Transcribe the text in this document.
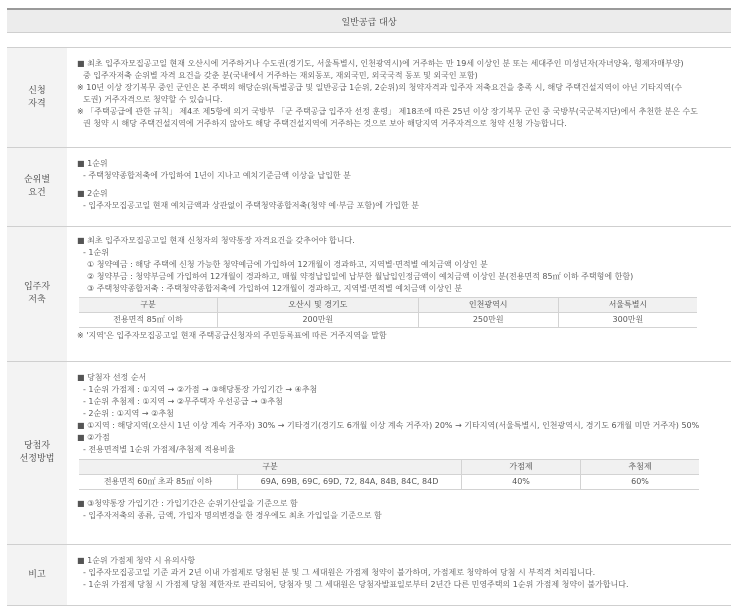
일반공급 대상
신청
자격
■ 최초 입주자모집공고일 현재 오산시에 거주하거나 수도권(경기도, 서울특별시, 인천광역시)에 거주하는 만 19세 이상인 분 또는 세대주인 미성년자(자녀양육, 형제자매부양)
중 입주자저축 순위별 자격 요건을 갖춘 분(국내에서 거주하는 재외동포, 재외국민, 외국국적 동포 및 외국인 포함)
※ 10년 이상 장기복무 중인 군인은 본 주택의 해당순위(특별공급 및 일반공급 1순위, 2순위)의 청약자격과 입주자 저축요건을 충족 시, 해당 주택건설지역이 아닌 기타지역(수
도권) 거주자격으로 청약할 수 있습니다.
※ 「주택공급에 관한 규칙」 제4조 제5항에 의거 국방부 「군 주택공급 입주자 선정 훈령」 제18조에 따른 25년 이상 장기복무 군인 중 국방부(국군복지단)에서 추천한 분은 수도
권 청약 시 해당 주택건설지역에 거주하지 않아도 해당 주택건설지역에 거주하는 것으로 보아 해당지역 거주자격으로 청약 신청 가능합니다.
순위별
요건
■ 1순위
- 주택청약종합저축에 가입하여 1년이 지나고 예치기준금액 이상을 납입한 분
■ 2순위
- 입주자모집공고일 현재 예치금액과 상관없이 주택청약종합저축(청약 예·부금 포함)에 가입한 분
입주자
저축
■ 최초 입주자모집공고일 현재 신청자의 청약통장 자격요건을 갖추어야 합니다.
- 1순위
① 청약예금 : 해당 주택에 신청 가능한 청약예금에 가입하여 12개월이 경과하고, 지역별·면적별 예치금액 이상인 분
② 청약부금 : 청약부금에 가입하여 12개월이 경과하고, 매월 약정납입일에 납부한 월납입인정금액이 예치금액 이상인 분(전용면적 85㎡ 이하 주택형에 한함)
③ 주택청약종합저축 : 주택청약종합저축에 가입하여 12개월이 경과하고, 지역별·면적별 예치금액 이상인 분
구분	오산시 및 경기도	인천광역시	서울특별시
전용면적 85㎡ 이하	200만원	250만원	300만원
※ '지역'은 입주자모집공고일 현재 주택공급신청자의 주민등록표에 따른 거주지역을 말함
당첨자
선정방법
■ 당첨자 선정 순서
- 1순위 가점제 : ①지역 → ②가점 → ③해당통장 가입기간 → ④추첨
- 1순위 추첨제 : ①지역 → ②무주택자 우선공급 → ③추첨
- 2순위 : ①지역 → ②추첨
■ ①지역 : 해당지역(오산시 1년 이상 계속 거주자) 30% → 기타경기(경기도 6개월 이상 계속 거주자) 20% → 기타지역(서울특별시, 인천광역시, 경기도 6개월 미만 거주자) 50%
■ ②가점
- 전용면적별 1순위 가점제/추첨제 적용비율
구분		가점제	추첨제
전용면적 60㎡ 초과 85㎡ 이하	69A, 69B, 69C, 69D, 72, 84A, 84B, 84C, 84D	40%	60%
■ ③청약통장 가입기간 : 가입기간은 순위기산일을 기준으로 함
- 입주자저축의 종류, 금액, 가입자 명의변경을 한 경우에도 최초 가입일을 기준으로 함
비고
■ 1순위 가점제 청약 시 유의사항
- 입주자모집공고일 기준 과거 2년 이내 가점제로 당첨된 분 및 그 세대원은 가점제 청약이 불가하며, 가점제로 청약하여 당첨 시 부적격 처리됩니다.
- 1순위 가점제 당첨 시 가점제 당첨 제한자로 관리되어, 당첨자 및 그 세대원은 당첨자발표일로부터 2년간 다른 민영주택의 1순위 가점제 청약이 불가합니다.
